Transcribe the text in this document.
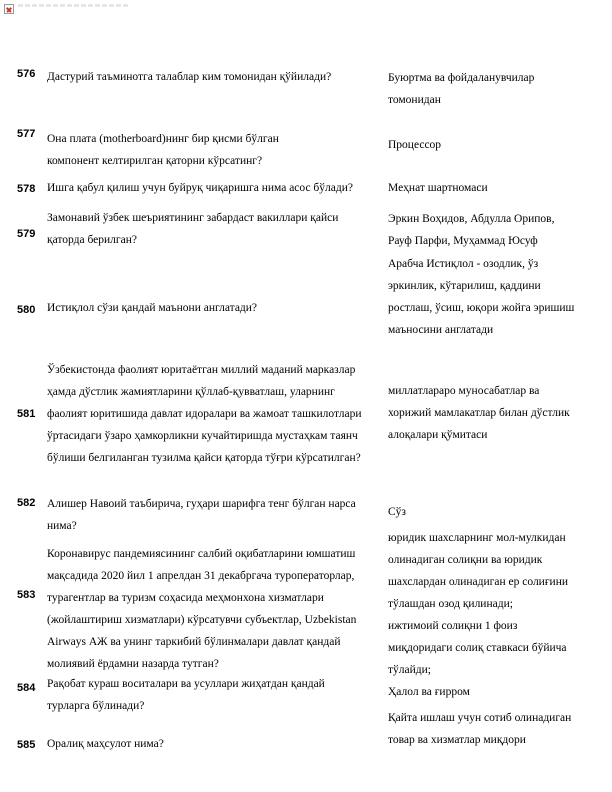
576 Дастурий таъминотга талаблар ким томонидан қўйилади?	Буюртма ва фойдаланувчилар
томонидан
577 Она плата (motherboard)нинг бир қисми бўлган
компонент келтирилган қаторни кўрсатинг?
Процессор
578 Ишга қабул қилиш учун буйруқ чиқаришга нима асос бўлади?	Меҳнат шартномаси
579
Замонавий ўзбек шеъриятининг забардаст вакиллари қайси
қаторда берилган?
Эркин Воҳидов, Абдулла Орипов,
Рауф Парфи, Муҳаммад Юсуф
580 Истиқлол сўзи қандай маънони англатади?
Арабча Истиқлол - озодлик, ўз
эркинлик, кўтарилиш, қаддини
ростлаш, ўсиш, юқори жойга эришиш
маъносини англатади
581
Ўзбекистонда фаолият юритаётган миллий маданий марказлар
ҳамда дўстлик жамиятларини қўллаб-қувватлаш, уларнинг
фаолият юритишида давлат идоралари ва жамоат ташкилотлари
ўртасидаги ўзаро ҳамкорликни кучайтиришда мустаҳкам таянч
бўлиши белгиланган тузилма қайси қаторда тўғри кўрсатилган?
миллатлараро муносабатлар ва
хорижий мамлакатлар билан дўстлик
алоқалари қўмитаси
582 Алишер Навоий таъбирича, гуҳари шарифга тенг бўлган нарса
нима?
Сўз
583
Коронавирус пандемиясининг салбий оқибатларини юмшатиш
мақсадида 2020 йил 1 апрелдан 31 декабргача туроператорлар,
турагентлар ва туризм соҳасида меҳмонхона хизматлари
(жойлаштириш хизматлари) кўрсатувчи субъектлар, Uzbekistan
Airways АЖ ва унинг таркибий бўлинмалари давлат қандай
молиявий ёрдамни назарда тутган?
юридик шахсларнинг мол-мулкидан
олинадиган солиқни ва юридик
шахслардан олинадиган ер солиғини
тўлашдан озод қилинади;
ижтимоий солиқни 1 фоиз
миқдоридаги солиқ ставкаси бўйича
тўлайди;
584 Рақобат кураш воситалари ва усуллари жиҳатдан қандай
турларга бўлинади?
Ҳалол ва ғирром
585 Оралиқ маҳсулот нима?
Қайта ишлаш учун сотиб олинадиган
товар ва хизматлар миқдори
